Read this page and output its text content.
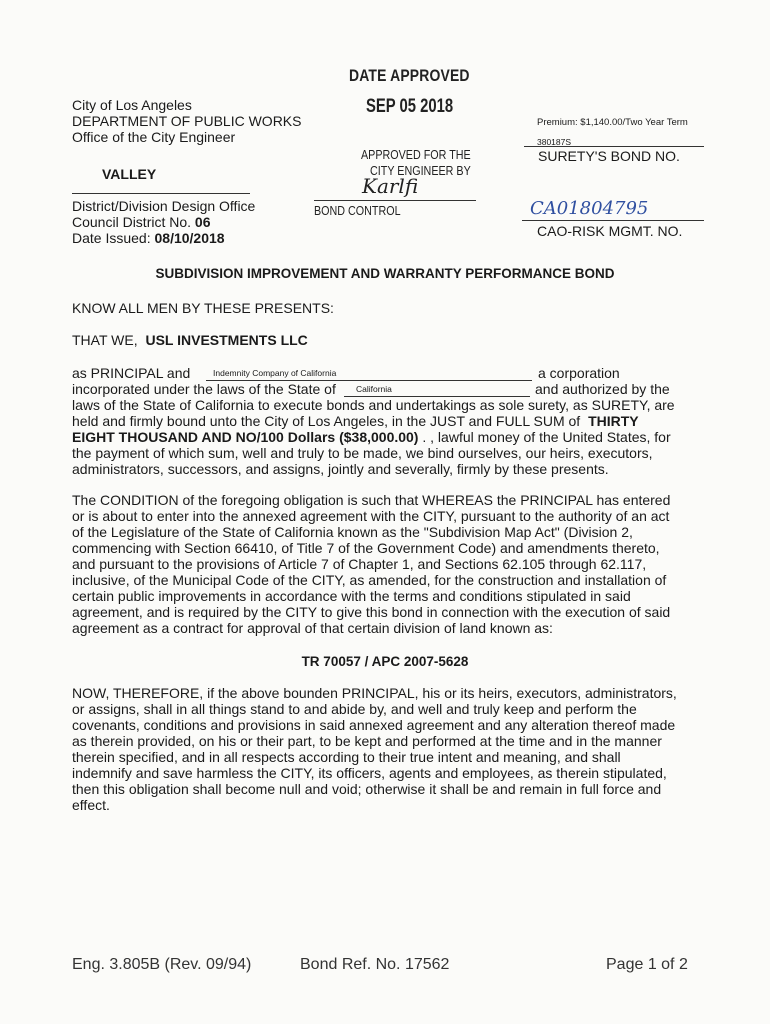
DATE APPROVED
SEP 05 2018
APPROVED FOR THE
CITY ENGINEER BY
Karlfi
BOND CONTROL
City of Los Angeles
DEPARTMENT OF PUBLIC WORKS
Office of the City Engineer
VALLEY
District/Division Design Office
Council District No. 06
Date Issued: 08/10/2018
Premium: $1,140.00/Two Year Term
380187S
SURETY'S BOND NO.
CA01804795
CAO-RISK MGMT. NO.
SUBDIVISION IMPROVEMENT AND WARRANTY PERFORMANCE BOND
KNOW ALL MEN BY THESE PRESENTS:
THAT WE, USL INVESTMENTS LLC
as PRINCIPAL and	Indemnity Company of California	a corporation
incorporated under the laws of the State of California	and authorized by the
laws of the State of California to execute bonds and undertakings as sole surety, as SURETY, are
held and firmly bound unto the City of Los Angeles, in the JUST and FULL SUM of THIRTY
EIGHT THOUSAND AND NO/100 Dollars ($38,000.00) . , lawful money of the United States, for
the payment of which sum, well and truly to be made, we bind ourselves, our heirs, executors,
administrators, successors, and assigns, jointly and severally, firmly by these presents.

The CONDITION of the foregoing obligation is such that WHEREAS the PRINCIPAL has entered

or is about to enter into the annexed agreement with the CITY, pursuant to the authority of an act

of the Legislature of the State of California known as the "Subdivision Map Act" (Division 2,

commencing with Section 66410, of Title 7 of the Government Code) and amendments thereto,

and pursuant to the provisions of Article 7 of Chapter 1, and Sections 62.105 through 62.117,

inclusive, of the Municipal Code of the CITY, as amended, for the construction and installation of

certain public improvements in accordance with the terms and conditions stipulated in said

agreement, and is required by the CITY to give this bond in connection with the execution of said

agreement as a contract for approval of that certain division of land known as:

TR 70057 / APC 2007-5628

NOW, THEREFORE, if the above bounden PRINCIPAL, his or its heirs, executors, administrators,

or assigns, shall in all things stand to and abide by, and well and truly keep and perform the

covenants, conditions and provisions in said annexed agreement and any alteration thereof made

as therein provided, on his or their part, to be kept and performed at the time and in the manner

therein specified, and in all respects according to their true intent and meaning, and shall

indemnify and save harmless the CITY, its officers, agents and employees, as therein stipulated,

then this obligation shall become null and void; otherwise it shall be and remain in full force and

effect.

Eng. 3.805B (Rev. 09/94)	Bond Ref. No. 17562	Page 1 of 2
